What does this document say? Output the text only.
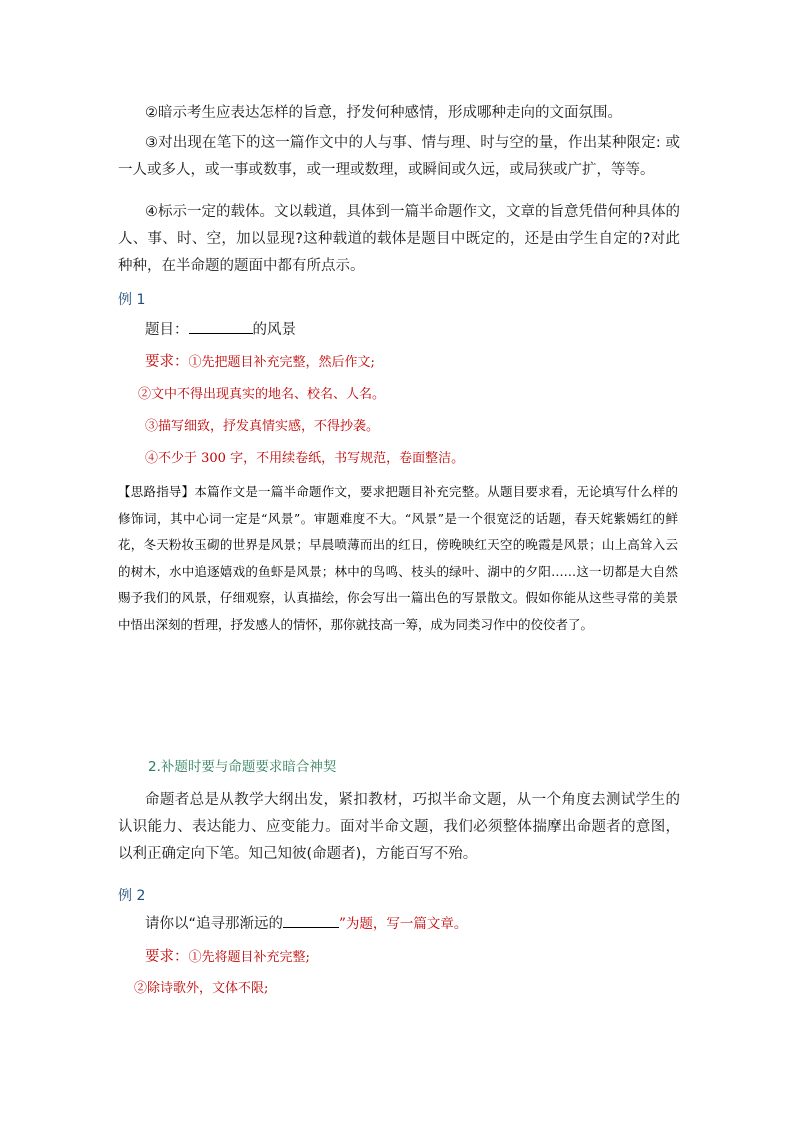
②暗示考生应表达怎样的旨意，抒发何种感情，形成哪种走向的文面氛围。
③对出现在笔下的这一篇作文中的人与事、情与理、时与空的量，作出某种限定: 或一人或多人，或一事或数事，或一理或数理，或瞬间或久远，或局狭或广扩，等等。
④标示一定的载体。文以载道，具体到一篇半命题作文，文章的旨意凭借何种具体的人、事、时、空，加以显现?这种载道的载体是题目中既定的，还是由学生自定的?对此种种，在半命题的题面中都有所点示。
例 1
题目：	的风景
要求：①先把题目补充完整，然后作文;
②文中不得出现真实的地名、校名、人名。
③描写细致，抒发真情实感，不得抄袭。
④不少于 300 字，不用续卷纸，书写规范，卷面整洁。
【思路指导】本篇作文是一篇半命题作文，要求把题目补充完整。从题目要求看，无论填写什么样的修饰词，其中心词一定是“风景”。审题难度不大。“风景”是一个很宽泛的话题，春天姹紫嫣红的鲜花，冬天粉妆玉砌的世界是风景；早晨喷薄而出的红日，傍晚映红天空的晚霞是风景；山上高耸入云的树木，水中追逐嬉戏的鱼虾是风景；林中的鸟鸣、枝头的绿叶、湖中的夕阳……这一切都是大自然赐予我们的风景，仔细观察，认真描绘，你会写出一篇出色的写景散文。假如你能从这些寻常的美景中悟出深刻的哲理，抒发感人的情怀，那你就技高一筹，成为同类习作中的佼佼者了。
2.补题时要与命题要求暗合神契
命题者总是从教学大纲出发，紧扣教材，巧拟半命文题，从一个角度去测试学生的认识能力、表达能力、应变能力。面对半命文题，我们必须整体揣摩出命题者的意图，以利正确定向下笔。知己知彼(命题者)，方能百写不殆。
例 2
请你以“追寻那渐远的	”为题，写一篇文章。
要求：①先将题目补充完整;
②除诗歌外，文体不限;
